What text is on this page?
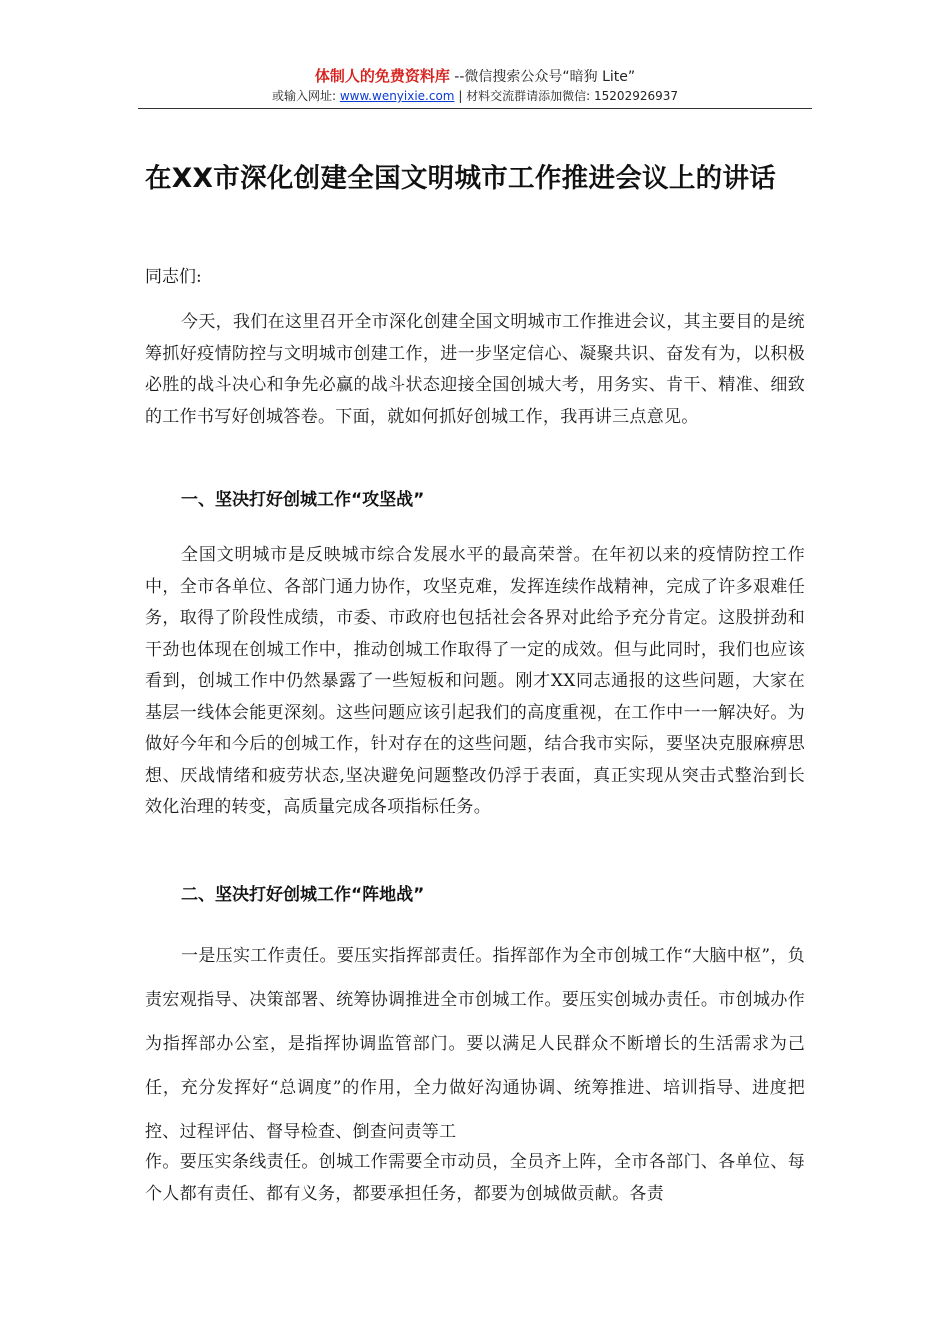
体制人的免费资料库 --微信搜索公众号“暗狗 Lite”
或输入网址: www.wenyixie.com | 材料交流群请添加微信: 15202926937
在XX市深化创建全国文明城市工作推进会议上的讲话
同志们:
今天，我们在这里召开全市深化创建全国文明城市工作推进会议，其主要目的是统筹抓好疫情防控与文明城市创建工作，进一步坚定信心、凝聚共识、奋发有为，以积极必胜的战斗决心和争先必赢的战斗状态迎接全国创城大考，用务实、肯干、精准、细致的工作书写好创城答卷。下面，就如何抓好创城工作，我再讲三点意见。
一、坚决打好创城工作“攻坚战”
全国文明城市是反映城市综合发展水平的最高荣誉。在年初以来的疫情防控工作中，全市各单位、各部门通力协作，攻坚克难，发挥连续作战精神，完成了许多艰难任务，取得了阶段性成绩，市委、市政府也包括社会各界对此给予充分肯定。这股拼劲和干劲也体现在创城工作中，推动创城工作取得了一定的成效。但与此同时，我们也应该看到，创城工作中仍然暴露了一些短板和问题。刚才XX同志通报的这些问题，大家在基层一线体会能更深刻。这些问题应该引起我们的高度重视，在工作中一一解决好。为做好今年和今后的创城工作，针对存在的这些问题，结合我市实际，要坚决克服麻痹思想、厌战情绪和疲劳状态,坚决避免问题整改仍浮于表面，真正实现从突击式整治到长效化治理的转变，高质量完成各项指标任务。
二、坚决打好创城工作“阵地战”
一是压实工作责任。要压实指挥部责任。指挥部作为全市创城工作“大脑中枢”，负责宏观指导、决策部署、统筹协调推进全市创城工作。要压实创城办责任。市创城办作为指挥部办公室，是指挥协调监管部门。要以满足人民群众不断增长的生活需求为己任，充分发挥好“总调度”的作用，全力做好沟通协调、统筹推进、培训指导、进度把控、过程评估、督导检查、倒查问责等工
作。要压实条线责任。创城工作需要全市动员，全员齐上阵，全市各部门、各单位、每个人都有责任、都有义务，都要承担任务，都要为创城做贡献。各责
